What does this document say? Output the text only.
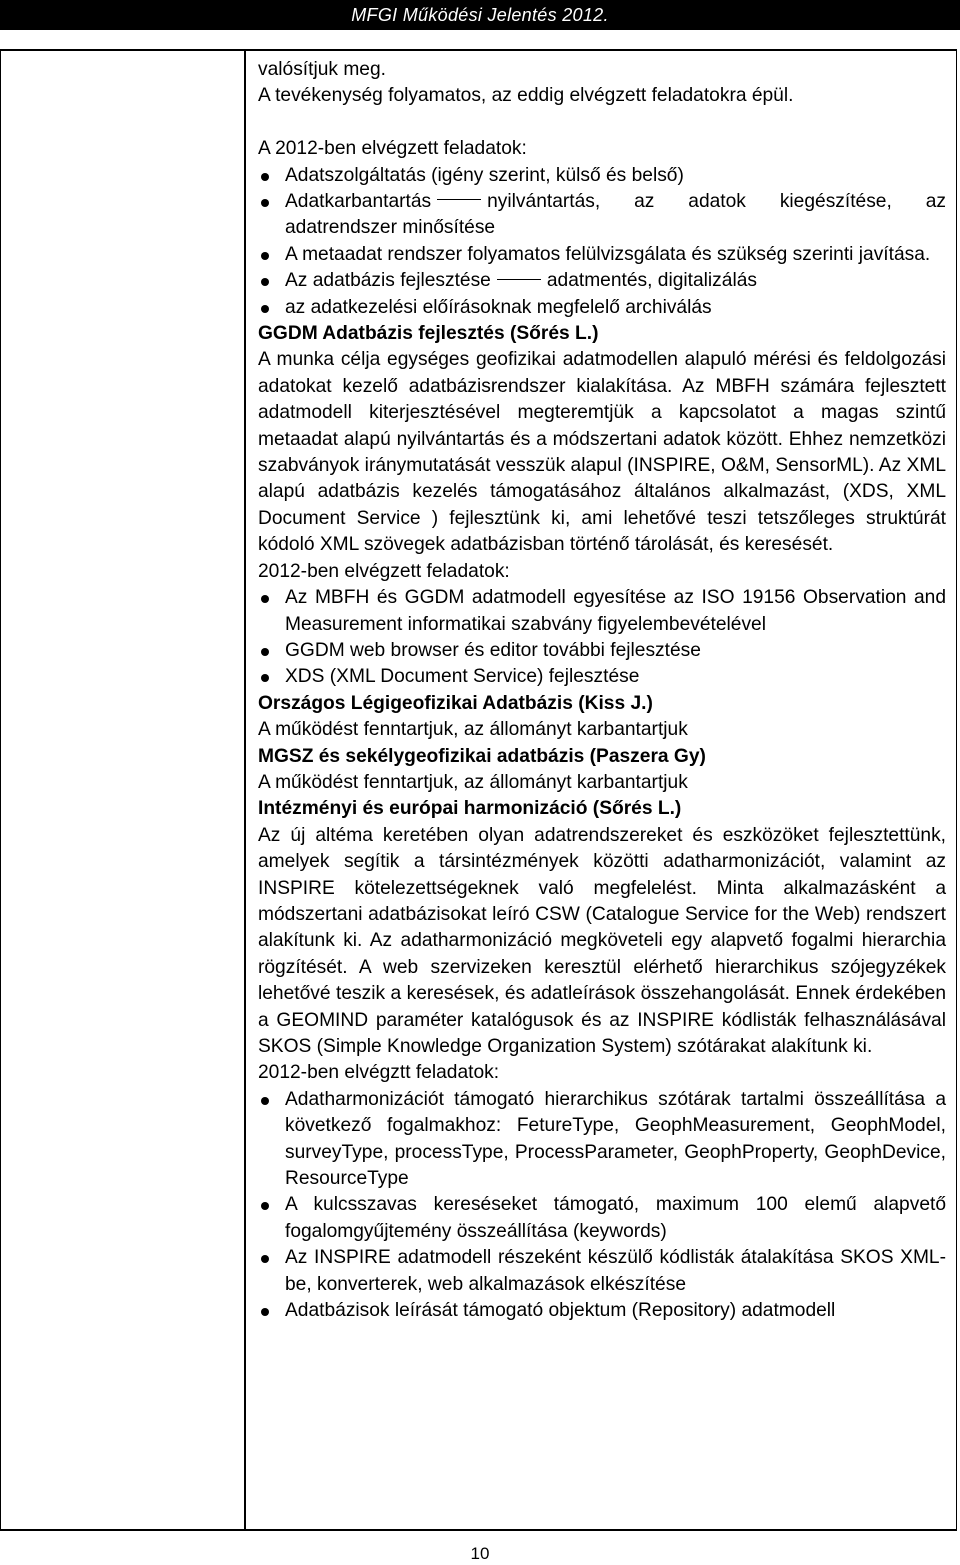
MFGI Működési Jelentés 2012.

valósítjuk meg.

A tevékenység folyamatos, az eddig elvégzett feladatokra épül.

A 2012-ben elvégzett feladatok:

Adatszolgáltatás (igény szerint, külső és belső)
Adatkarbantartás	nyilvántartás, az adatok kiegészítése, az adatrendszer minősítése
A metaadat rendszer folyamatos felülvizsgálata és szükség szerinti javítása.
Az adatbázis fejlesztése	adatmentés, digitalizálás
az adatkezelési előírásoknak megfelelő archiválás

GGDM Adatbázis fejlesztés (Sőrés L.)

A munka célja egységes geofizikai adatmodellen alapuló mérési és feldolgozási adatokat kezelő adatbázisrendszer kialakítása. Az MBFH számára fejlesztett adatmodell kiterjesztésével megteremtjük a kapcsolatot a magas szintű metaadat alapú nyilvántartás és a módszertani adatok között. Ehhez nemzetközi szabványok iránymutatását vesszük alapul (INSPIRE, O&M, SensorML). Az XML alapú adatbázis kezelés támogatásához általános alkalmazást, (XDS, XML Document Service ) fejlesztünk ki, ami lehetővé teszi tetszőleges struktúrát kódoló XML szövegek adatbázisban történő tárolását, és keresését.

2012-ben elvégzett feladatok:

Az MBFH és GGDM adatmodell egyesítése az ISO 19156 Observation and Measurement informatikai szabvány figyelembevételével
GGDM web browser és editor további fejlesztése
XDS (XML Document Service) fejlesztése

Országos Légigeofizikai Adatbázis (Kiss J.)

A működést fenntartjuk, az állományt karbantartjuk

MGSZ és sekélygeofizikai adatbázis (Paszera Gy)

A működést fenntartjuk, az állományt karbantartjuk

Intézményi és európai harmonizáció (Sőrés L.)

Az új altéma keretében olyan adatrendszereket és eszközöket fejlesztettünk, amelyek segítik a társintézmények közötti adatharmonizációt, valamint az INSPIRE kötelezettségeknek való megfelelést. Minta alkalmazásként a módszertani adatbázisokat leíró CSW (Catalogue Service for the Web) rendszert alakítunk ki. Az adatharmonizáció megköveteli egy alapvető fogalmi hierarchia rögzítését. A web szervizeken keresztül elérhető hierarchikus szójegyzékek lehetővé teszik a keresések, és adatleírások összehangolását. Ennek érdekében a GEOMIND paraméter katalógusok és az INSPIRE kódlisták felhasználásával SKOS (Simple Knowledge Organization System) szótárakat alakítunk ki.

2012-ben elvégztt feladatok:

Adatharmonizációt támogató hierarchikus szótárak tartalmi összeállítása a következő fogalmakhoz: FetureType, GeophMeasurement, GeophModel, surveyType, processType, ProcessParameter, GeophProperty, GeophDevice, ResourceType
A kulcsszavas kereséseket támogató, maximum 100 elemű alapvető fogalomgyűjtemény összeállítása (keywords)
Az INSPIRE adatmodell részeként készülő kódlisták átalakítása SKOS XML-be, konverterek, web alkalmazások elkészítése
Adatbázisok leírását támogató objektum (Repository) adatmodell
10
